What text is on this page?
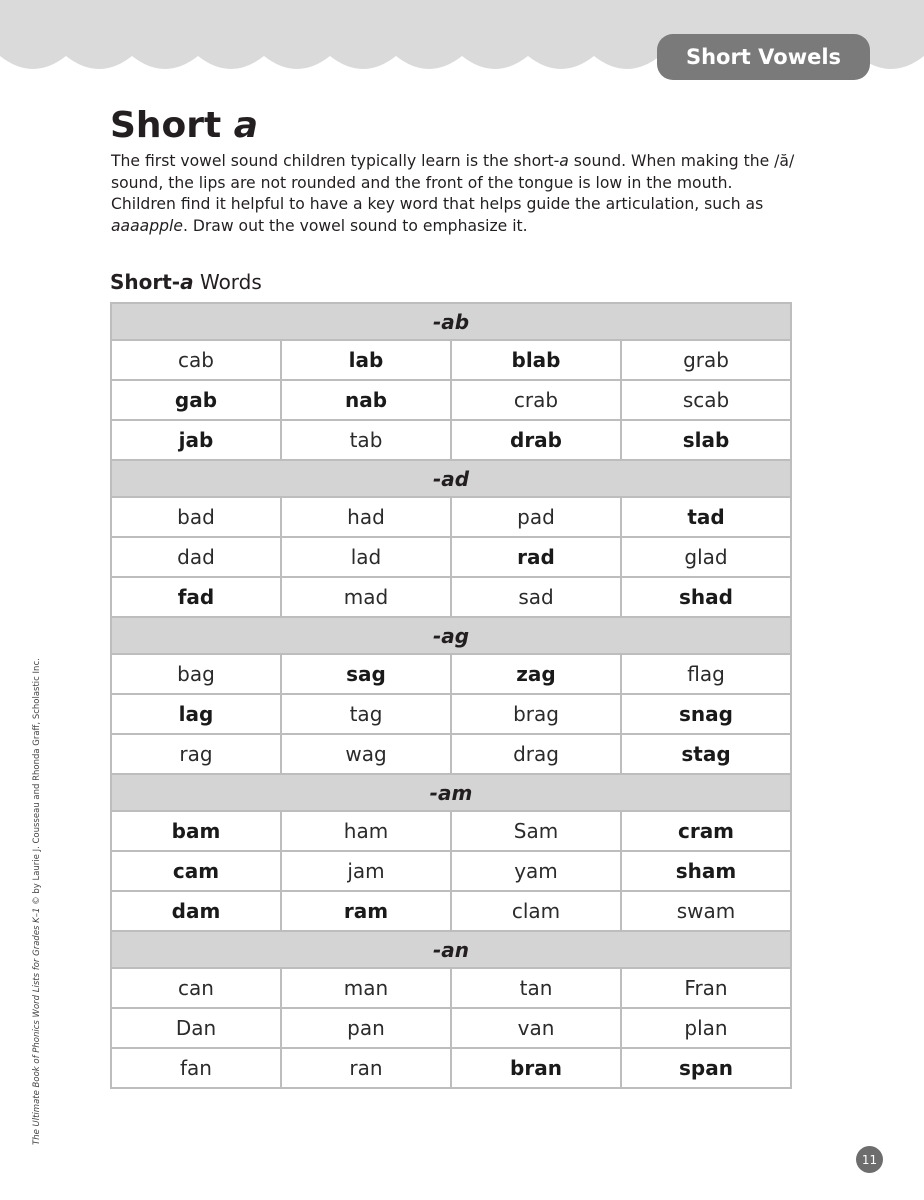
Short Vowels
Short a

The first vowel sound children typically learn is the short-a sound. When making the /ă/ sound, the lips are not rounded and the front of the tongue is low in the mouth. Children find it helpful to have a key word that helps guide the articulation, such as aaaapple. Draw out the vowel sound to emphasize it.

Short-a Words
-ab			
cab	lab	blab	grab
gab	nab	crab	scab
jab	tab	drab	slab
-ad			
bad	had	pad	tad
dad	lad	rad	glad
fad	mad	sad	shad
-ag			
bag	sag	zag	flag
lag	tag	brag	snag
rag	wag	drag	stag
-am			
bam	ham	Sam	cram
cam	jam	yam	sham
dam	ram	clam	swam
-an			
can	man	tan	Fran
Dan	pan	van	plan
fan	ran	bran	span
The Ultimate Book of Phonics Word Lists for Grades K–1 © by Laurie J. Cousseau and Rhonda Graff, Scholastic Inc.
11
